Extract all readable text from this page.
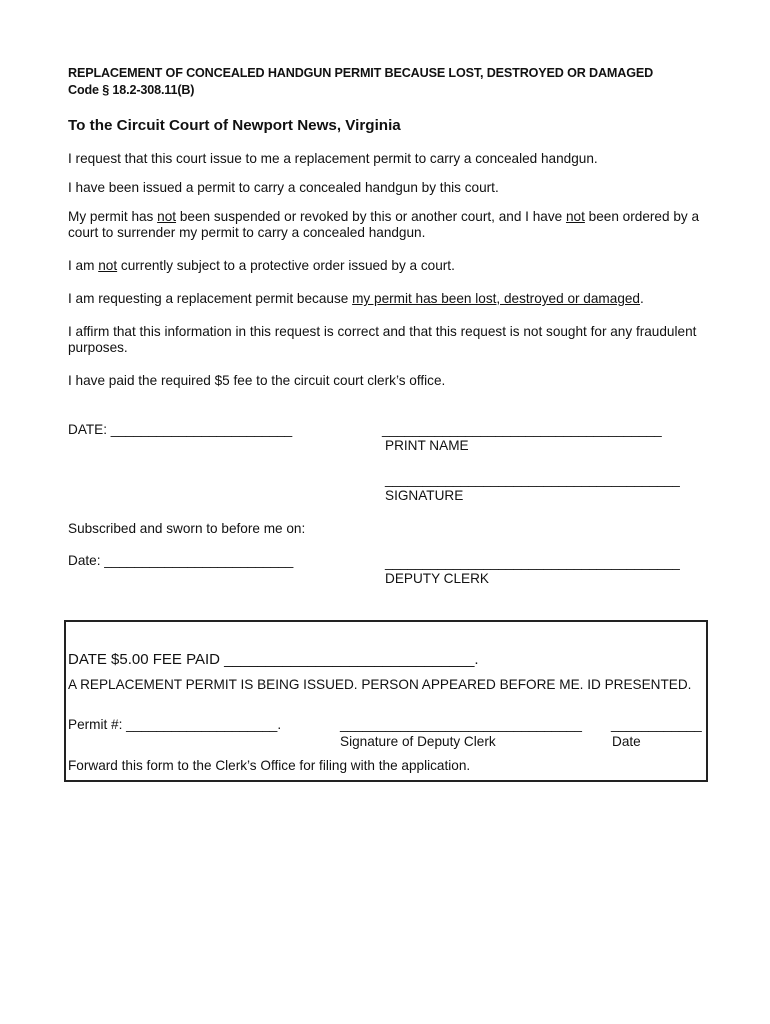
REPLACEMENT OF CONCEALED HANDGUN PERMIT BECAUSE LOST, DESTROYED OR DAMAGED
Code § 18.2-308.11(B)
To the Circuit Court of Newport News, Virginia
I request that this court issue to me a replacement permit to carry a concealed handgun.
I have been issued a permit to carry a concealed handgun by this court.
My permit has not been suspended or revoked by this or another court, and I have not been ordered by a court to surrender my permit to carry a concealed handgun.
I am not currently subject to a protective order issued by a court.
I am requesting a replacement permit because my permit has been lost, destroyed or damaged.
I affirm that this information in this request is correct and that this request is not sought for any fraudulent purposes.
I have paid the required $5 fee to the circuit court clerk’s office.
DATE: ________________________	_____________________________________
PRINT NAME
_______________________________________
SIGNATURE
Subscribed and sworn to before me on:
Date: _________________________	_______________________________________
DEPUTY CLERK
DATE $5.00 FEE PAID ______________________________.
A REPLACEMENT PERMIT IS BEING ISSUED. PERSON APPEARED BEFORE ME. ID PRESENTED.
Permit #: ____________________.	________________________________
Signature of Deputy Clerk
____________
Date
Forward this form to the Clerk’s Office for filing with the application.
